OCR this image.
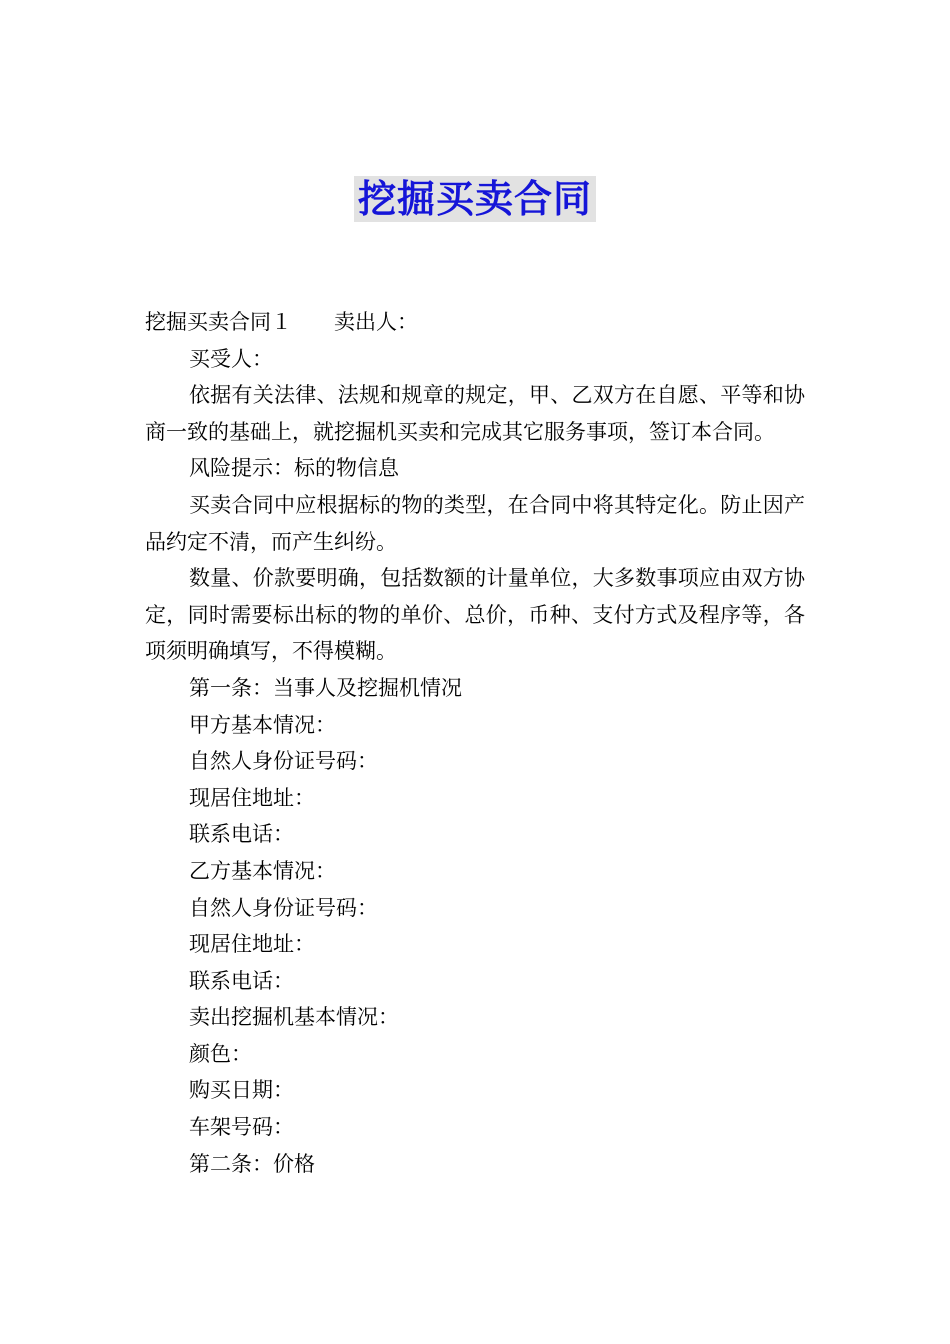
挖掘买卖合同

挖掘买卖合同１ 卖出人：

买受人：

依据有关法律、法规和规章的规定，甲、乙双方在自愿、平等和协商一致的基础上，就挖掘机买卖和完成其它服务事项，签订本合同。

风险提示：标的物信息

买卖合同中应根据标的物的类型，在合同中将其特定化。防止因产品约定不清，而产生纠纷。

数量、价款要明确，包括数额的计量单位，大多数事项应由双方协定，同时需要标出标的物的单价、总价，币种、支付方式及程序等，各项须明确填写，不得模糊。

第一条：当事人及挖掘机情况

甲方基本情况：

自然人身份证号码：

现居住地址：

联系电话：

乙方基本情况：

自然人身份证号码：

现居住地址：

联系电话：

卖出挖掘机基本情况：

颜色：

购买日期：

车架号码：

第二条：价格
